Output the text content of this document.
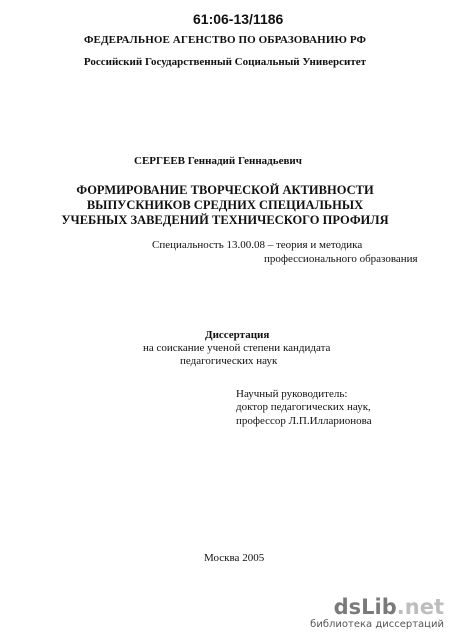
61:06-13/1186
ФЕДЕРАЛЬНОЕ АГЕНСТВО ПО ОБРАЗОВАНИЮ РФ
Российский Государственный Социальный Университет
СЕРГЕЕВ Геннадий Геннадьевич
ФОРМИРОВАНИЕ ТВОРЧЕСКОЙ АКТИВНОСТИ
ВЫПУСКНИКОВ СРЕДНИХ СПЕЦИАЛЬНЫХ
УЧЕБНЫХ ЗАВЕДЕНИЙ ТЕХНИЧЕСКОГО ПРОФИЛЯ
Специальность 13.00.08 – теория и методика
профессионального образования
Диссертация
на соискание ученой степени кандидата
педагогических наук
Научный руководитель:
доктор педагогических наук,
профессор Л.П.Илларионова
Москва 2005
dsLib.net
библиотека диссертаций
